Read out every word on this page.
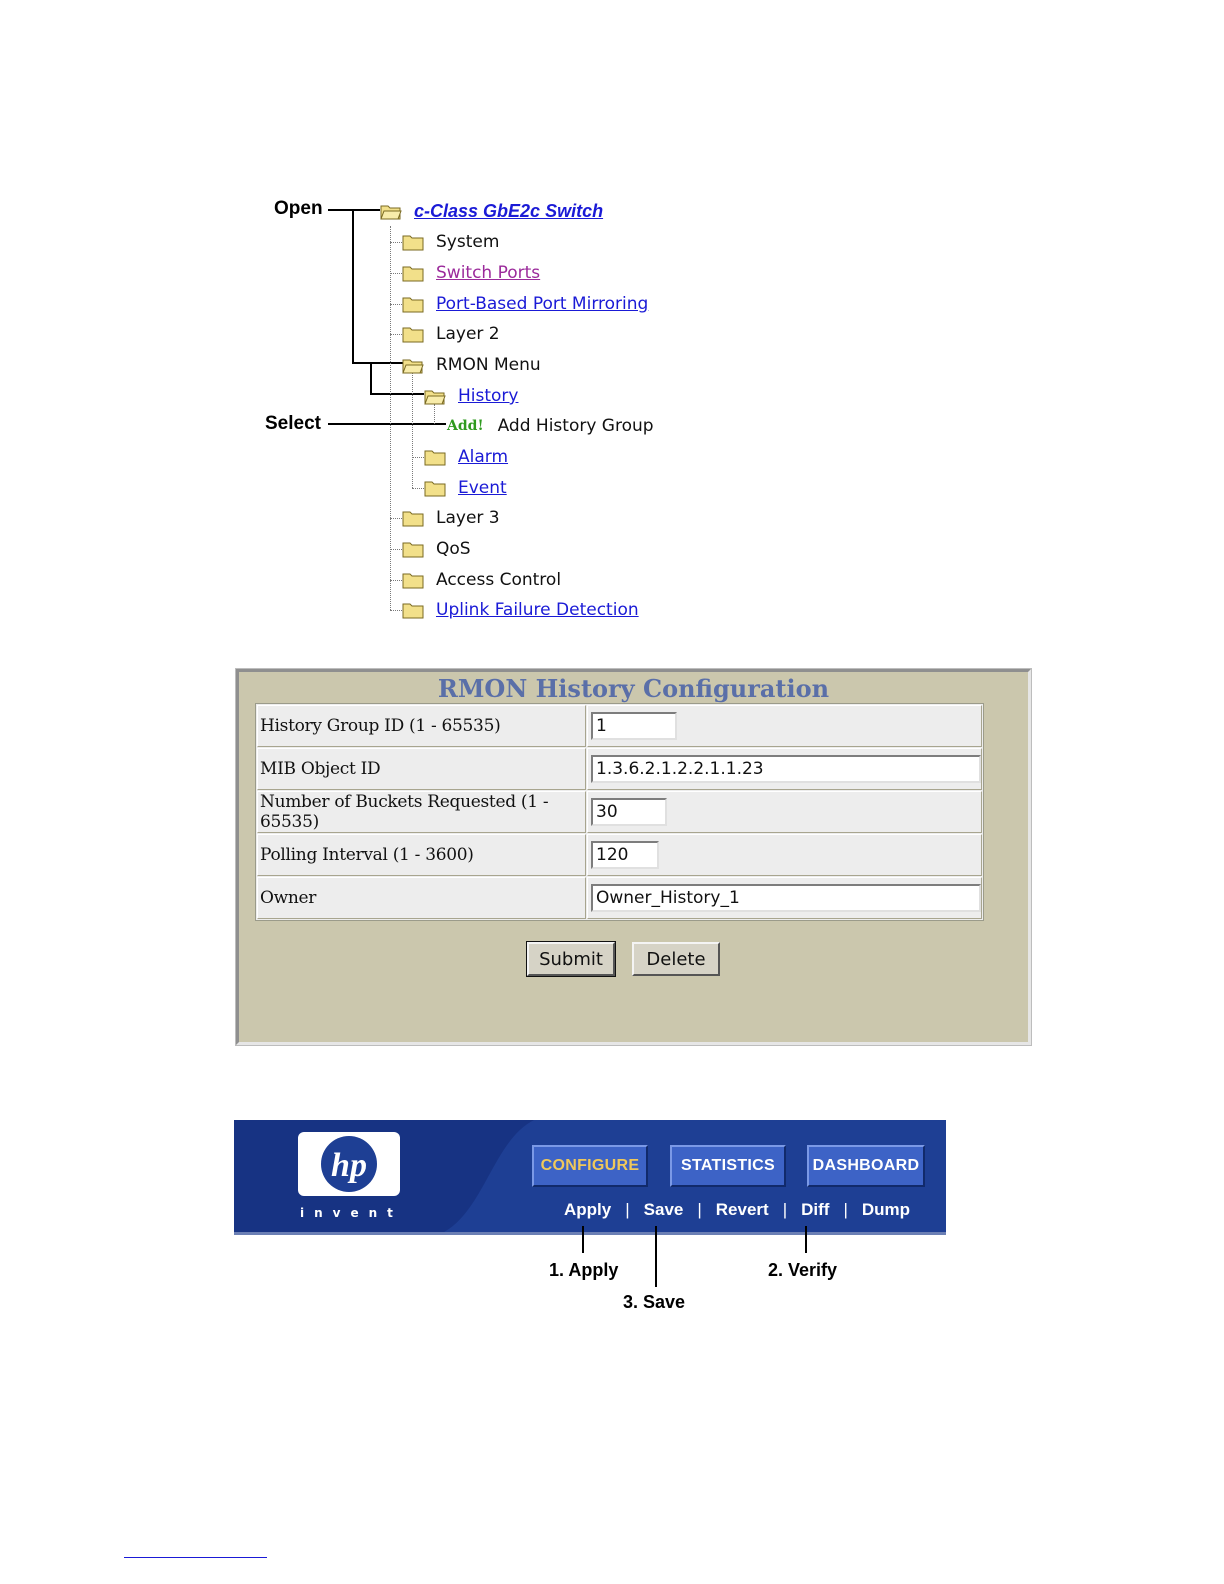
Open
Select
c-Class GbE2c Switch
System
Switch Ports
Port-Based Port Mirroring
Layer 2
RMON Menu
History
Add! Add History Group
Alarm
Event
Layer 3
QoS
Access Control
Uplink Failure Detection
RMON History Configuration
History Group ID (1 - 65535)	1
MIB Object ID	1.3.6.2.1.2.2.1.1.23
Number of Buckets Requested (1 - 65535)	30
Polling Interval (1 - 3600)	120
Owner	Owner_History_1
Submit	Delete
hp
invent
CONFIGURE	STATISTICS	DASHBOARD
Apply | Save | Revert | Diff | Dump
1. Apply
3. Save
2. Verify
